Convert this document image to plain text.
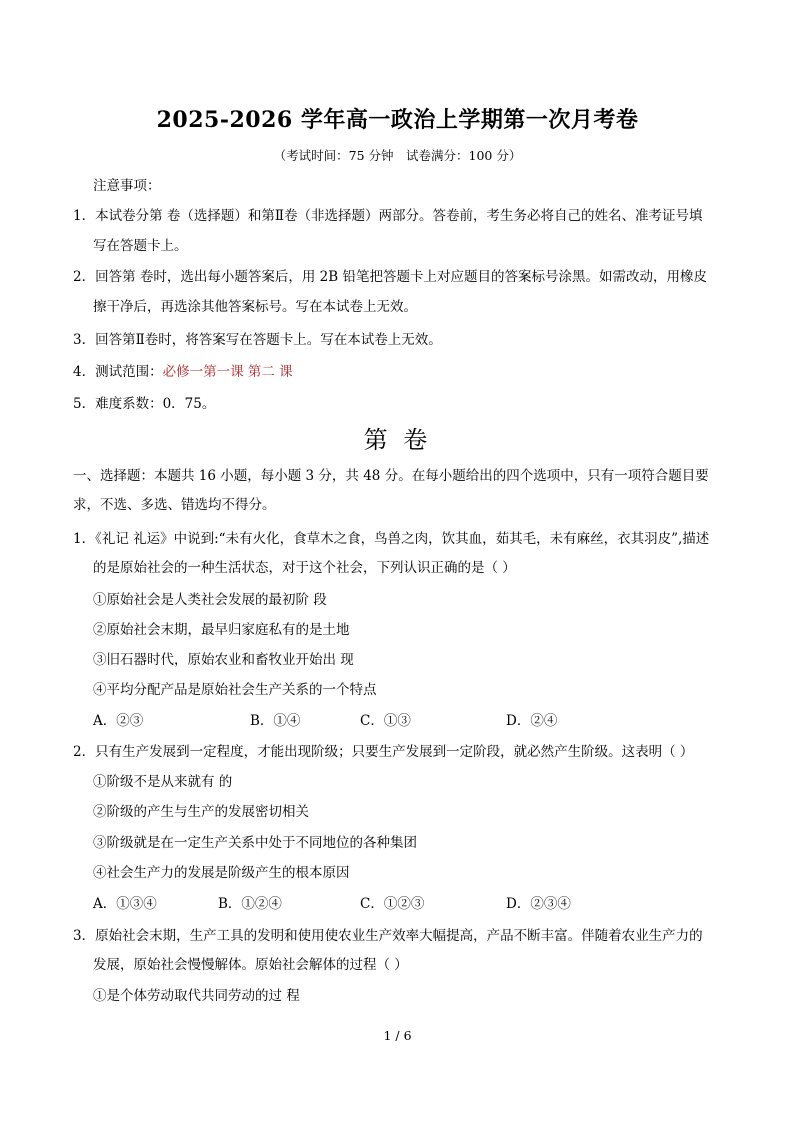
2025-2026 学年高一政治上学期第一次月考卷
（考试时间：75 分钟　试卷满分：100 分）
注意事项：
1．本试卷分第 卷（选择题）和第Ⅱ卷（非选择题）两部分。答卷前，考生务必将自己的姓名、准考证号填
写在答题卡上。
2．回答第 卷时，选出每小题答案后，用 2B 铅笔把答题卡上对应题目的答案标号涂黑。如需改动，用橡皮
擦干净后，再选涂其他答案标号。写在本试卷上无效。
3．回答第Ⅱ卷时，将答案写在答题卡上。写在本试卷上无效。
4．测试范围：必修一第一课 第二 课
5．难度系数：0．75。
第 卷
一、选择题：本题共 16 小题，每小题 3 分，共 48 分。在每小题给出的四个选项中，只有一项符合题目要
求，不选、多选、错选均不得分。
1．《礼记 礼运》中说到:“未有火化，食草木之食，鸟兽之肉，饮其血，茹其毛，未有麻丝，衣其羽皮”,描述
的是原始社会的一种生活状态，对于这个社会，下列认识正确的是（ ）
①原始社会是人类社会发展的最初阶 段
②原始社会末期，最早归家庭私有的是土地
③旧石器时代，原始农业和畜牧业开始出 现
④平均分配产品是原始社会生产关系的一个特点
A．②③	B．①④	C．①③	D．②④
2．只有生产发展到一定程度，才能出现阶级；只要生产发展到一定阶段，就必然产生阶级。这表明（ ）
①阶级不是从来就有 的
②阶级的产生与生产的发展密切相关
③阶级就是在一定生产关系中处于不同地位的各种集团
④社会生产力的发展是阶级产生的根本原因
A．①③④	B．①②④	C．①②③	D．②③④
3．原始社会末期，生产工具的发明和使用使农业生产效率大幅提高，产品不断丰富。伴随着农业生产力的
发展，原始社会慢慢解体。原始社会解体的过程（ ）
①是个体劳动取代共同劳动的过 程
1 / 6
